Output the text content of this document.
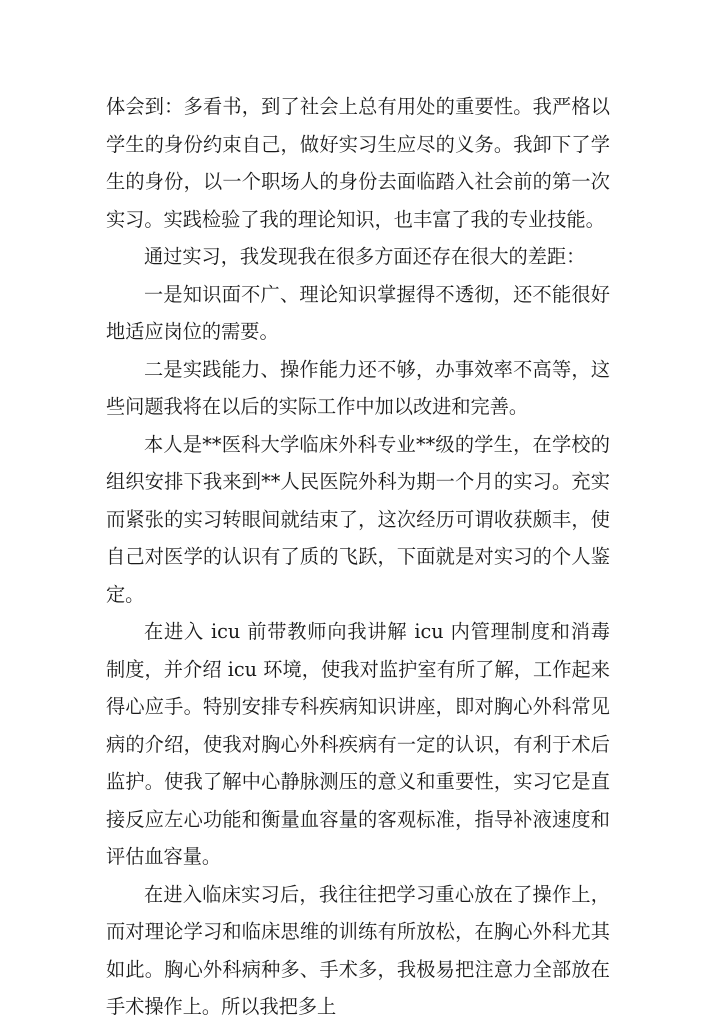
体会到：多看书，到了社会上总有用处的重要性。我严格以学生的身份约束自己，做好实习生应尽的义务。我卸下了学生的身份，以一个职场人的身份去面临踏入社会前的第一次实习。实践检验了我的理论知识，也丰富了我的专业技能。

通过实习，我发现我在很多方面还存在很大的差距：

一是知识面不广、理论知识掌握得不透彻，还不能很好地适应岗位的需要。

二是实践能力、操作能力还不够，办事效率不高等，这些问题我将在以后的实际工作中加以改进和完善。

本人是**医科大学临床外科专业**级的学生，在学校的组织安排下我来到**人民医院外科为期一个月的实习。充实而紧张的实习转眼间就结束了，这次经历可谓收获颇丰，使自己对医学的认识有了质的飞跃，下面就是对实习的个人鉴定。

在进入 icu 前带教师向我讲解 icu 内管理制度和消毒制度，并介绍 icu 环境，使我对监护室有所了解，工作起来得心应手。特别安排专科疾病知识讲座，即对胸心外科常见病的介绍，使我对胸心外科疾病有一定的认识，有利于术后监护。使我了解中心静脉测压的意义和重要性，实习它是直接反应左心功能和衡量血容量的客观标准，指导补液速度和评估血容量。

在进入临床实习后，我往往把学习重心放在了操作上，而对理论学习和临床思维的训练有所放松，在胸心外科尤其如此。胸心外科病种多、手术多，我极易把注意力全部放在手术操作上。所以我把多上
